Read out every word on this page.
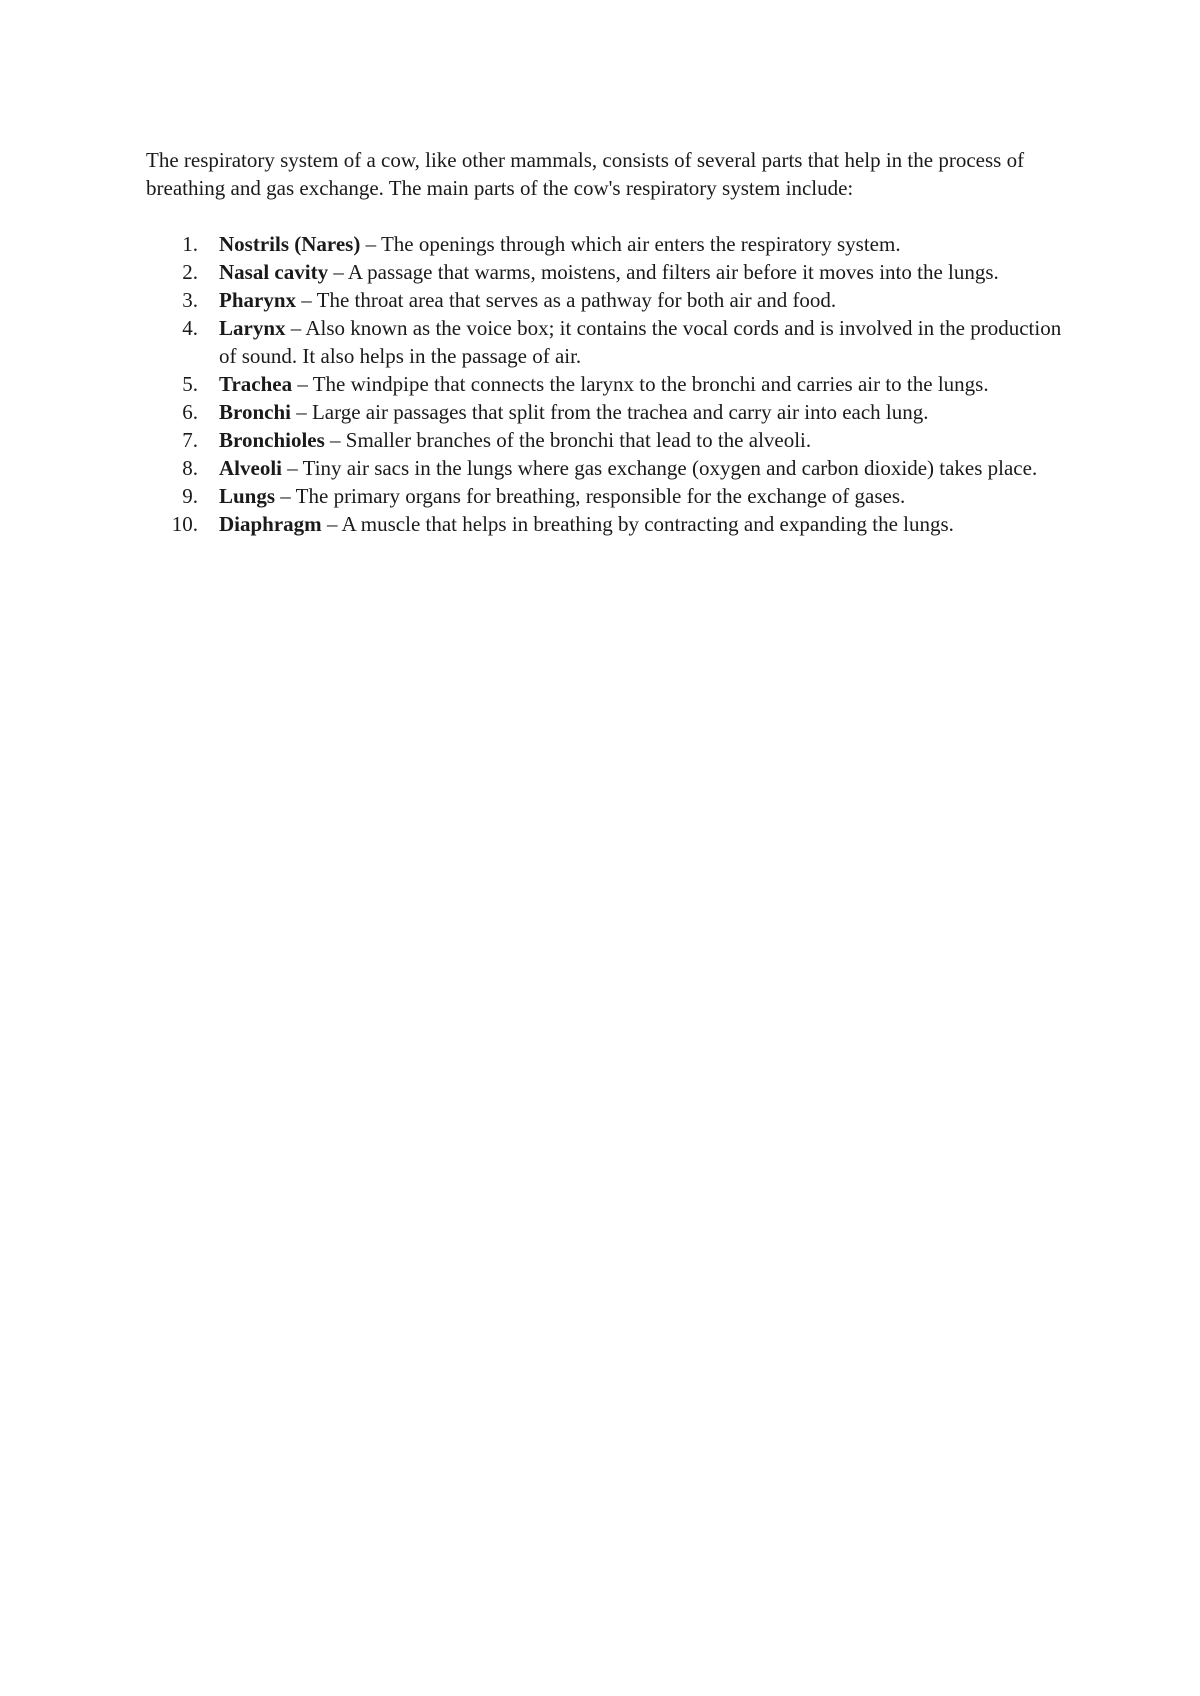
The respiratory system of a cow, like other mammals, consists of several parts that help in the process of breathing and gas exchange. The main parts of the cow's respiratory system include:

1. Nostrils (Nares) – The openings through which air enters the respiratory system.
2. Nasal cavity – A passage that warms, moistens, and filters air before it moves into the lungs.
3. Pharynx – The throat area that serves as a pathway for both air and food.
4. Larynx – Also known as the voice box; it contains the vocal cords and is involved in the production of sound. It also helps in the passage of air.
5. Trachea – The windpipe that connects the larynx to the bronchi and carries air to the lungs.
6. Bronchi – Large air passages that split from the trachea and carry air into each lung.
7. Bronchioles – Smaller branches of the bronchi that lead to the alveoli.
8. Alveoli – Tiny air sacs in the lungs where gas exchange (oxygen and carbon dioxide) takes place.
9. Lungs – The primary organs for breathing, responsible for the exchange of gases.
10. Diaphragm – A muscle that helps in breathing by contracting and expanding the lungs.
